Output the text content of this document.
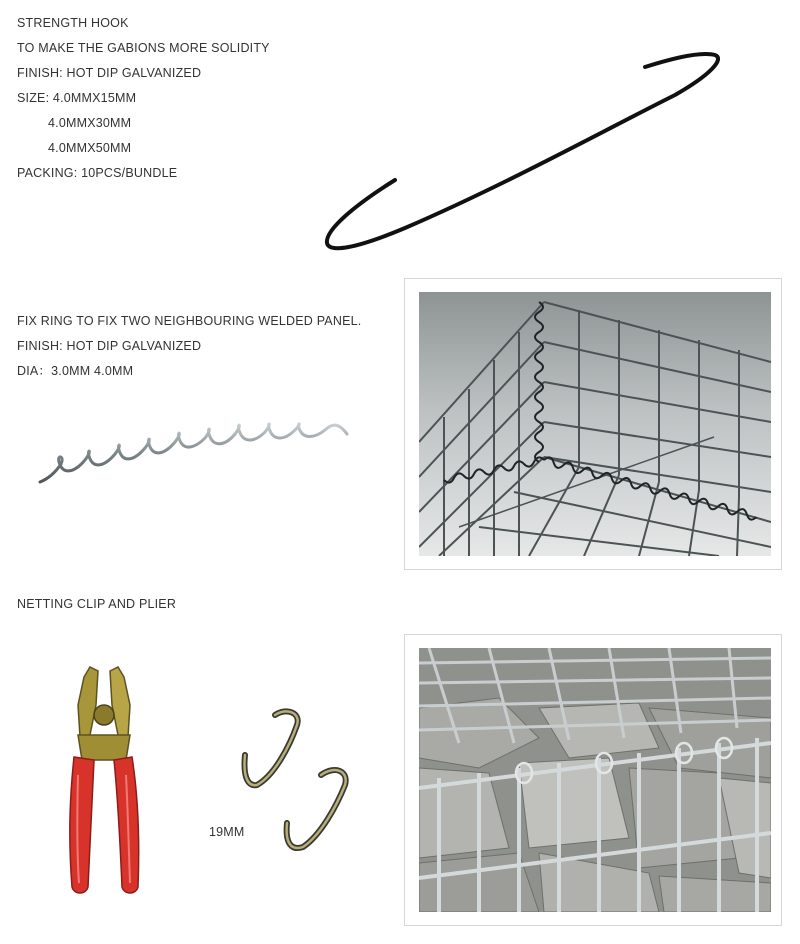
STRENGTH HOOK
TO MAKE THE GABIONS MORE SOLIDITY
FINISH: HOT DIP GALVANIZED
SIZE: 4.0MMX15MM
4.0MMX30MM
4.0MMX50MM
PACKING: 10PCS/BUNDLE
FIX RING TO FIX TWO NEIGHBOURING WELDED PANEL.
FINISH: HOT DIP GALVANIZED
DIA：3.0MM 4.0MM
NETTING CLIP AND PLIER
19MM
